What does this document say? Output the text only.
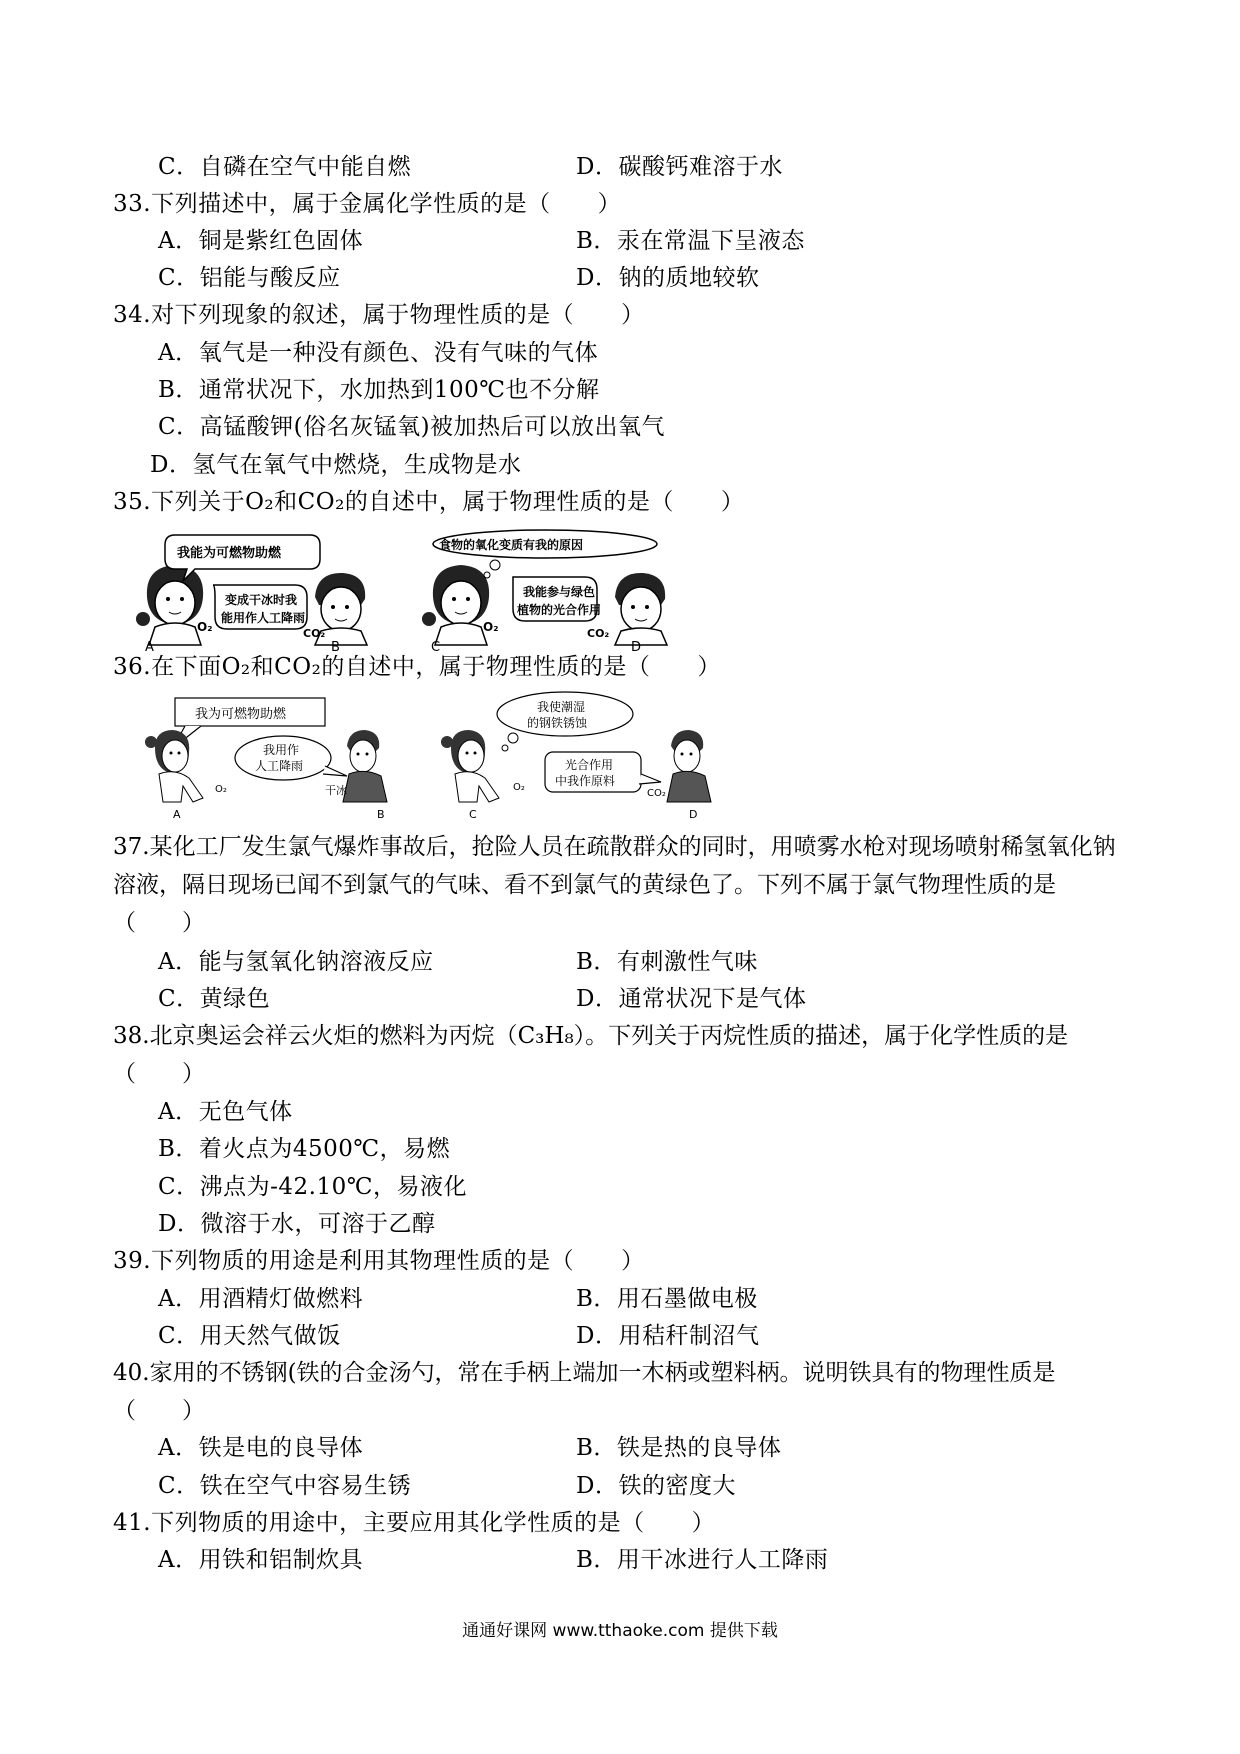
C．自磷在空气中能自燃	D．碳酸钙难溶于水
33.下列描述中，属于金属化学性质的是（　　）
A．铜是紫红色固体	B．汞在常温下呈液态
C．铝能与酸反应	D．钠的质地较软
34.对下列现象的叙述，属于物理性质的是（　　）
A．氧气是一种没有颜色、没有气味的气体
B．通常状况下，水加热到100℃也不分解
C．高锰酸钾(俗名灰锰氧)被加热后可以放出氧气
D．氢气在氧气中燃烧，生成物是水
35.下列关于O₂和CO₂的自述中，属于物理性质的是（　　）
我能为可燃物助燃
O₂
A
变成干冰时我
能用作人工降雨
CO₂
B
食物的氧化变质有我的原因
O₂
C
我能参与绿色
植物的光合作用
CO₂
D
36.在下面O₂和CO₂的自述中，属于物理性质的是（　　）
我为可燃物助燃
O₂
A
我用作
人工降雨
干冰
B
我使潮湿
的钢铁锈蚀
O₂
C
光合作用
中我作原料
CO₂
D
37.某化工厂发生氯气爆炸事故后，抢险人员在疏散群众的同时，用喷雾水枪对现场喷射稀氢氧化钠溶液，隔日现场已闻不到氯气的气味、看不到氯气的黄绿色了。下列不属于氯气物理性质的是（　　）
A．能与氢氧化钠溶液反应	B．有刺激性气味
C．黄绿色	D．通常状况下是气体
38.北京奥运会祥云火炬的燃料为丙烷（C₃H₈）。下列关于丙烷性质的描述，属于化学性质的是（　　）
A．无色气体
B．着火点为4500℃，易燃
C．沸点为-42.10℃，易液化
D．微溶于水，可溶于乙醇
39.下列物质的用途是利用其物理性质的是（　　）
A．用酒精灯做燃料	B．用石墨做电极
C．用天然气做饭	D．用秸秆制沼气
40.家用的不锈钢(铁的合金汤勺，常在手柄上端加一木柄或塑料柄。说明铁具有的物理性质是（　　）
A．铁是电的良导体	B．铁是热的良导体
C．铁在空气中容易生锈	D．铁的密度大
41.下列物质的用途中，主要应用其化学性质的是（　　）
A．用铁和铝制炊具	B．用干冰进行人工降雨
通通好课网 www.tthaoke.com 提供下载
